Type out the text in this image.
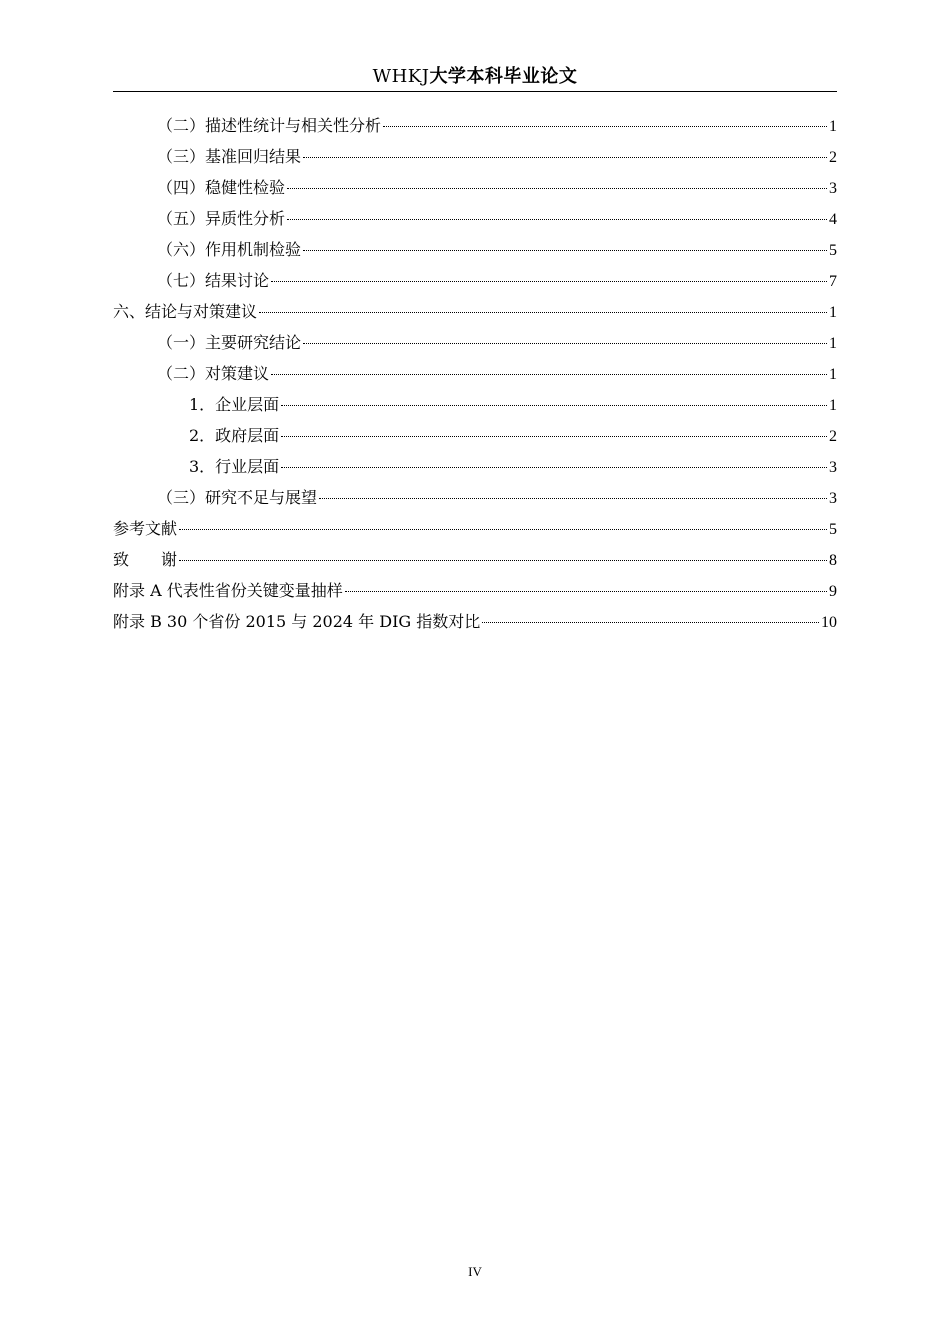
WHKJ大学本科毕业论文
（二）描述性统计与相关性分析	1
（三）基准回归结果	2
（四）稳健性检验	3
（五）异质性分析	4
（六）作用机制检验	5
（七）结果讨论	7
六、结论与对策建议	1
（一）主要研究结论	1
（二）对策建议	1
1．企业层面	1
2．政府层面	2
3．行业层面	3
（三）研究不足与展望	3
参考文献	5
致　　谢	8
附录 A 代表性省份关键变量抽样	9
附录 B 30 个省份 2015 与 2024 年 DIG 指数对比	10
IV
